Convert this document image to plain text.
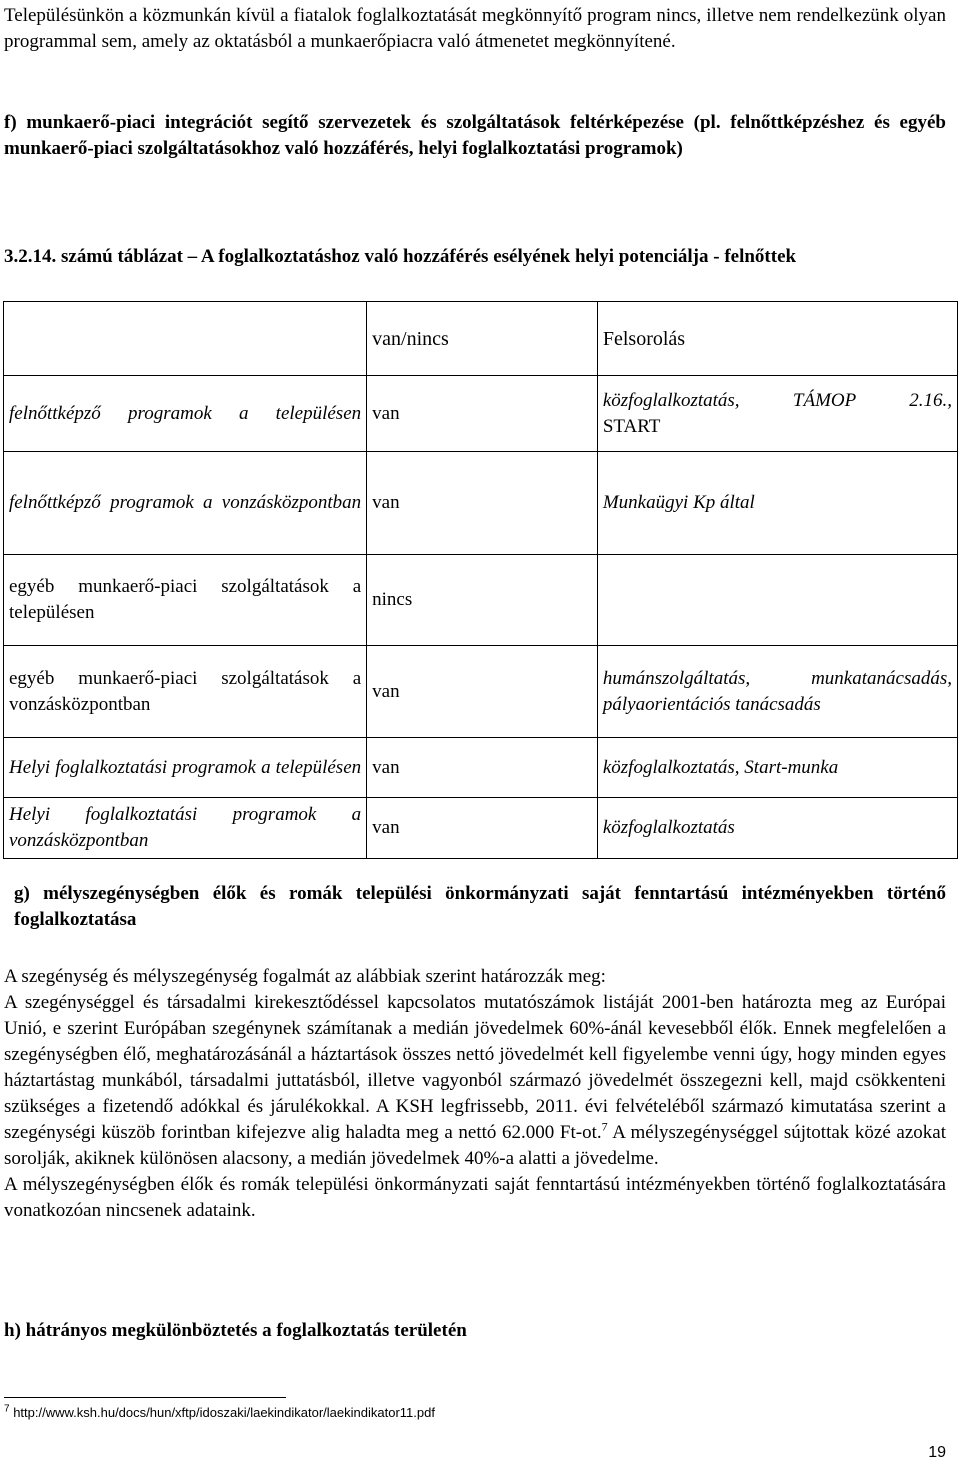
Településünkön a közmunkán kívül a fiatalok foglalkoztatását megkönnyítő program nincs, illetve nem rendelkezünk olyan programmal sem, amely az oktatásból a munkaerőpiacra való átmenetet megkönnyítené.

f) munkaerő-piaci integrációt segítő szervezetek és szolgáltatások feltérképezése (pl. felnőttképzéshez és egyéb munkaerő-piaci szolgáltatásokhoz való hozzáférés, helyi foglalkoztatási programok)

3.2.14. számú táblázat – A foglalkoztatáshoz való hozzáférés esélyének helyi potenciálja - felnőttek

	van/nincs	Felsorolás
felnőttképző programok a településen	van	közfoglalkoztatás, TÁMOP 2.16.,
START

felnőttképző programok a vonzásközpontban	van	Munkaügyi Kp által
egyéb munkaerő-piaci szolgáltatások a településen	nincs	
egyéb munkaerő-piaci szolgáltatások a vonzásközpontban	van	humánszolgáltatás, munkatanácsadás, pályaorientációs tanácsadás
Helyi foglalkoztatási programok a településen	van	közfoglalkoztatás, Start-munka
Helyi foglalkoztatási programok a vonzásközpontban	van	közfoglalkoztatás

g) mélyszegénységben élők és romák települési önkormányzati saját fenntartású intézményekben történő foglalkoztatása

A szegénység és mélyszegénység fogalmát az alábbiak szerint határozzák meg:

A szegénységgel és társadalmi kirekesztődéssel kapcsolatos mutatószámok listáját 2001-ben határozta meg az Európai Unió, e szerint Európában szegénynek számítanak a medián jövedelmek 60%-ánál kevesebből élők. Ennek megfelelően a szegénységben élő, meghatározásánál a háztartások összes nettó jövedelmét kell figyelembe venni úgy, hogy minden egyes háztartástag munkából, társadalmi juttatásból, illetve vagyonból származó jövedelmét összegezni kell, majd csökkenteni szükséges a fizetendő adókkal és járulékokkal. A KSH legfrissebb, 2011. évi felvételéből származó kimutatása szerint a szegénységi küszöb forintban kifejezve alig haladta meg a nettó 62.000 Ft-ot.$^7$ A mélyszegénységgel sújtottak közé azokat sorolják, akiknek különösen alacsony, a medián jövedelmek 40%-a alatti a jövedelme.

A mélyszegénységben élők és romák települési önkormányzati saját fenntartású intézményekben történő foglalkoztatására vonatkozóan nincsenek adataink.

h) hátrányos megkülönböztetés a foglalkoztatás területén

$^7$ http://www.ksh.hu/docs/hun/xftp/idoszaki/laekindikator/laekindikator11.pdf
19
